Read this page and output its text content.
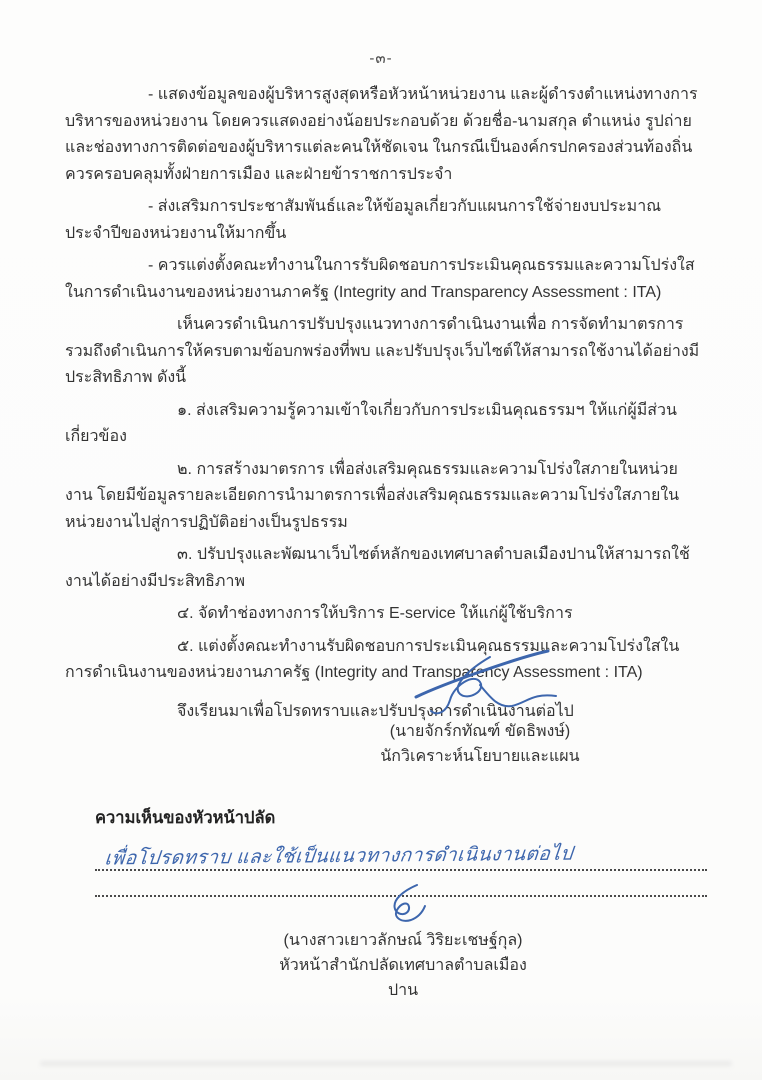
-๓-

- แสดงข้อมูลของผู้บริหารสูงสุดหรือหัวหน้าหน่วยงาน และผู้ดำรงตำแหน่งทางการบริหารของหน่วยงาน โดยควรแสดงอย่างน้อยประกอบด้วย ด้วยชื่อ-นามสกุล ตำแหน่ง รูปถ่าย และช่องทางการติดต่อของผู้บริหารแต่ละคนให้ชัดเจน ในกรณีเป็นองค์กรปกครองส่วนท้องถิ่น ควรครอบคลุมทั้งฝ่ายการเมือง และฝ่ายข้าราชการประจำ

- ส่งเสริมการประชาสัมพันธ์และให้ข้อมูลเกี่ยวกับแผนการใช้จ่ายงบประมาณประจำปีของหน่วยงานให้มากขึ้น

- ควรแต่งตั้งคณะทำงานในการรับผิดชอบการประเมินคุณธรรมและความโปร่งใสในการดำเนินงานของหน่วยงานภาครัฐ (Integrity and Transparency Assessment : ITA)

เห็นควรดำเนินการปรับปรุงแนวทางการดำเนินงานเพื่อ การจัดทำมาตรการ รวมถึงดำเนินการให้ครบตามข้อบกพร่องที่พบ และปรับปรุงเว็บไซต์ให้สามารถใช้งานได้อย่างมีประสิทธิภาพ ดังนี้

๑. ส่งเสริมความรู้ความเข้าใจเกี่ยวกับการประเมินคุณธรรมฯ ให้แก่ผู้มีส่วนเกี่ยวข้อง

๒. การสร้างมาตรการ เพื่อส่งเสริมคุณธรรมและความโปร่งใสภายในหน่วยงาน โดยมีข้อมูลรายละเอียดการนำมาตรการเพื่อส่งเสริมคุณธรรมและความโปร่งใสภายในหน่วยงานไปสู่การปฏิบัติอย่างเป็นรูปธรรม

๓. ปรับปรุงและพัฒนาเว็บไซต์หลักของเทศบาลตำบลเมืองปานให้สามารถใช้งานได้อย่างมีประสิทธิภาพ

๔. จัดทำช่องทางการให้บริการ E-service ให้แก่ผู้ใช้บริการ

๕. แต่งตั้งคณะทำงานรับผิดชอบการประเมินคุณธรรมและความโปร่งใสในการดำเนินงานของหน่วยงานภาครัฐ (Integrity and Transparency Assessment : ITA)

จึงเรียนมาเพื่อโปรดทราบและปรับปรุงการดำเนินงานต่อไป

(นายจักร์กทัณฑ์ ขัดธิพงษ์)
นักวิเคราะห์นโยบายและแผน
ความเห็นของหัวหน้าปลัด
เพื่อโปรดทราบ และใช้เป็นแนวทางการดำเนินงานต่อไป
(นางสาวเยาวลักษณ์ วิริยะเชษฐ์กุล)
หัวหน้าสำนักปลัดเทศบาลตำบลเมืองปาน
